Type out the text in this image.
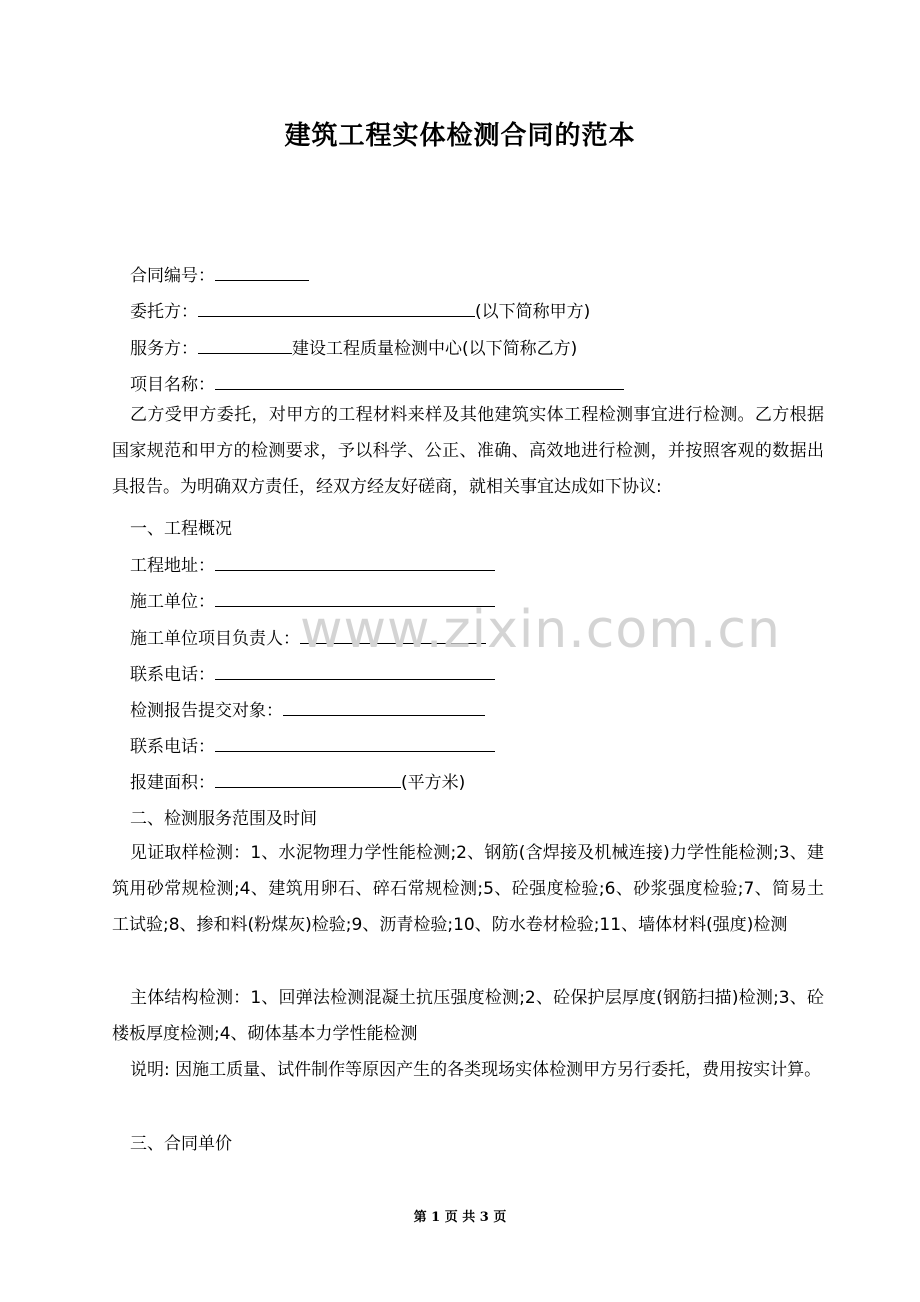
建筑工程实体检测合同的范本
合同编号：
委托方：	(以下简称甲方)
服务方：	建设工程质量检测中心(以下简称乙方)
项目名称：
乙方受甲方委托，对甲方的工程材料来样及其他建筑实体工程检测事宜进行检测。乙方根据国家规范和甲方的检测要求，予以科学、公正、准确、高效地进行检测，并按照客观的数据出具报告。为明确双方责任，经双方经友好磋商，就相关事宜达成如下协议:
一、工程概况
工程地址：
施工单位：
施工单位项目负责人：
联系电话：
检测报告提交对象：
联系电话：
报建面积：	(平方米)
二、检测服务范围及时间
见证取样检测：1、水泥物理力学性能检测;2、钢筋(含焊接及机械连接)力学性能检测;3、建筑用砂常规检测;4、建筑用卵石、碎石常规检测;5、砼强度检验;6、砂浆强度检验;7、简易土工试验;8、掺和料(粉煤灰)检验;9、沥青检验;10、防水卷材检验;11、墙体材料(强度)检测
主体结构检测：1、回弹法检测混凝土抗压强度检测;2、砼保护层厚度(钢筋扫描)检测;3、砼楼板厚度检测;4、砌体基本力学性能检测
说明: 因施工质量、试件制作等原因产生的各类现场实体检测甲方另行委托，费用按实计算。
三、合同单价
www.zixin.com.cn
第 1 页 共 3 页
